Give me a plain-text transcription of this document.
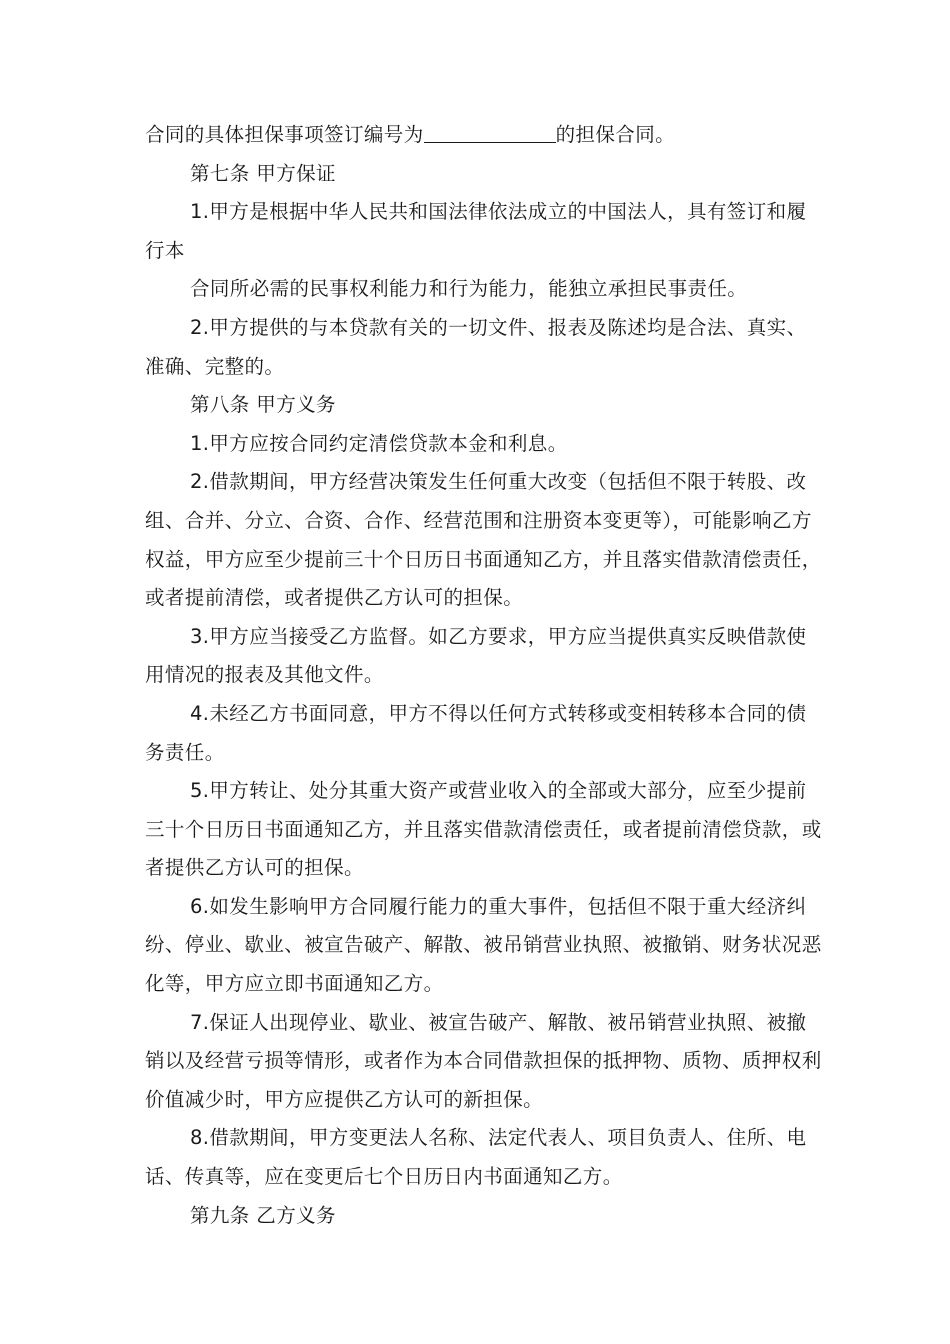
合同的具体担保事项签订编号为	的担保合同。

第七条 甲方保证

1.甲方是根据中华人民共和国法律依法成立的中国法人，具有签订和履行本

合同所必需的民事权利能力和行为能力，能独立承担民事责任。

2.甲方提供的与本贷款有关的一切文件、报表及陈述均是合法、真实、准确、完整的。

第八条 甲方义务

1.甲方应按合同约定清偿贷款本金和利息。

2.借款期间，甲方经营决策发生任何重大改变（包括但不限于转股、改组、合并、分立、合资、合作、经营范围和注册资本变更等），可能影响乙方权益，甲方应至少提前三十个日历日书面通知乙方，并且落实借款清偿责任，或者提前清偿，或者提供乙方认可的担保。

3.甲方应当接受乙方监督。如乙方要求，甲方应当提供真实反映借款使用情况的报表及其他文件。

4.未经乙方书面同意，甲方不得以任何方式转移或变相转移本合同的债务责任。

5.甲方转让、处分其重大资产或营业收入的全部或大部分，应至少提前三十个日历日书面通知乙方，并且落实借款清偿责任，或者提前清偿贷款，或者提供乙方认可的担保。

6.如发生影响甲方合同履行能力的重大事件，包括但不限于重大经济纠纷、停业、歇业、被宣告破产、解散、被吊销营业执照、被撤销、财务状况恶化等，甲方应立即书面通知乙方。

7.保证人出现停业、歇业、被宣告破产、解散、被吊销营业执照、被撤销以及经营亏损等情形，或者作为本合同借款担保的抵押物、质物、质押权利价值减少时，甲方应提供乙方认可的新担保。

8.借款期间，甲方变更法人名称、法定代表人、项目负责人、住所、电话、传真等，应在变更后七个日历日内书面通知乙方。

第九条 乙方义务
